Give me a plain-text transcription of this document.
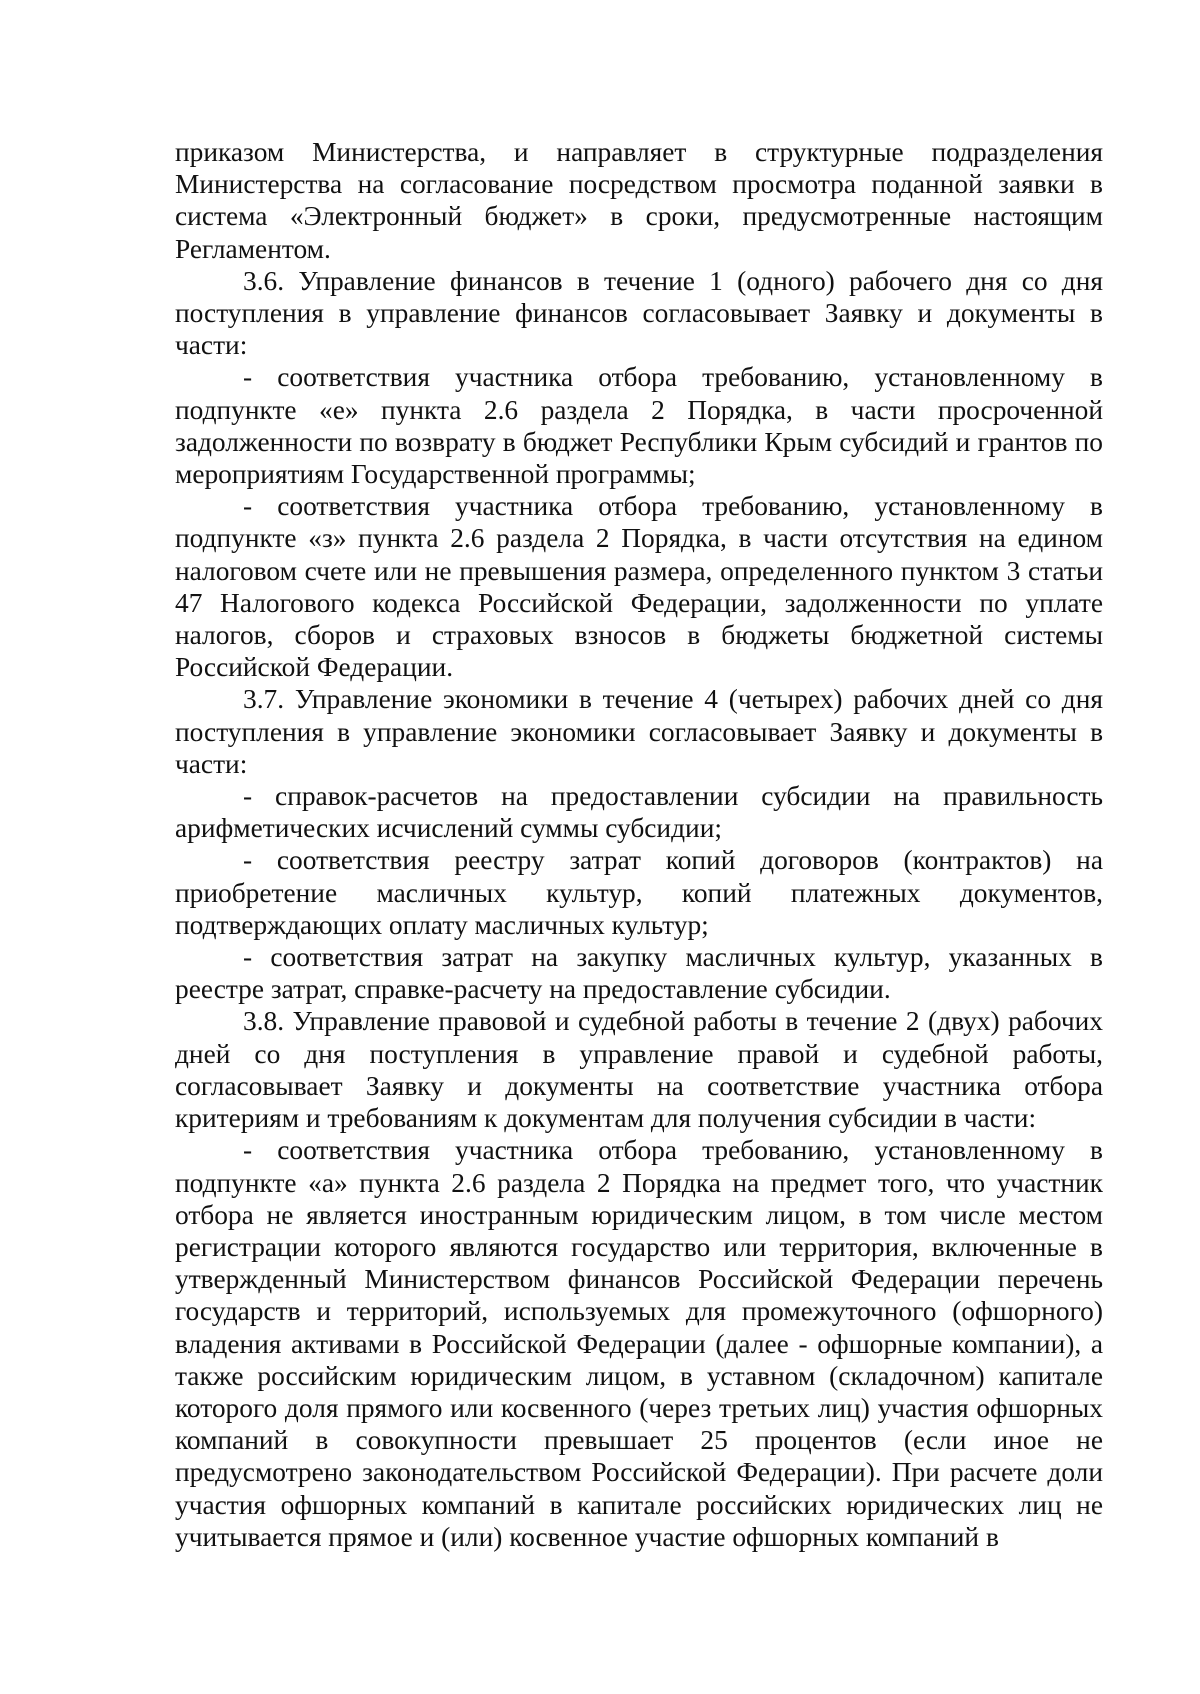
приказом Министерства, и направляет в структурные подразделения Министерства на согласование посредством просмотра поданной заявки в система «Электронный бюджет» в сроки, предусмотренные настоящим Регламентом.

3.6. Управление финансов в течение 1 (одного) рабочего дня со дня поступления в управление финансов согласовывает Заявку и документы в части:

- соответствия участника отбора требованию, установленному в подпункте «е» пункта 2.6 раздела 2 Порядка, в части просроченной задолженности по возврату в бюджет Республики Крым субсидий и грантов по мероприятиям Государственной программы;

- соответствия участника отбора требованию, установленному в подпункте «з» пункта 2.6 раздела 2 Порядка, в части отсутствия на едином налоговом счете или не превышения размера, определенного пунктом 3 статьи 47 Налогового кодекса Российской Федерации, задолженности по уплате налогов, сборов и страховых взносов в бюджеты бюджетной системы Российской Федерации.

3.7. Управление экономики в течение 4 (четырех) рабочих дней со дня поступления в управление экономики согласовывает Заявку и документы в части:

- справок-расчетов на предоставлении субсидии на правильность арифметических исчислений суммы субсидии;

- соответствия реестру затрат копий договоров (контрактов) на приобретение масличных культур, копий платежных документов, подтверждающих оплату масличных культур;

- соответствия затрат на закупку масличных культур, указанных в реестре затрат, справке-расчету на предоставление субсидии.

3.8. Управление правовой и судебной работы в течение 2 (двух) рабочих дней со дня поступления в управление правой и судебной работы, согласовывает Заявку и документы на соответствие участника отбора критериям и требованиям к документам для получения субсидии в части:

- соответствия участника отбора требованию, установленному в подпункте «а» пункта 2.6 раздела 2 Порядка на предмет того, что участник отбора не является иностранным юридическим лицом, в том числе местом регистрации которого являются государство или территория, включенные в утвержденный Министерством финансов Российской Федерации перечень государств и территорий, используемых для промежуточного (офшорного) владения активами в Российской Федерации (далее - офшорные компании), а также российским юридическим лицом, в уставном (складочном) капитале которого доля прямого или косвенного (через третьих лиц) участия офшорных компаний в совокупности превышает 25 процентов (если иное не предусмотрено законодательством Российской Федерации). При расчете доли участия офшорных компаний в капитале российских юридических лиц не учитывается прямое и (или) косвенное участие офшорных компаний в
